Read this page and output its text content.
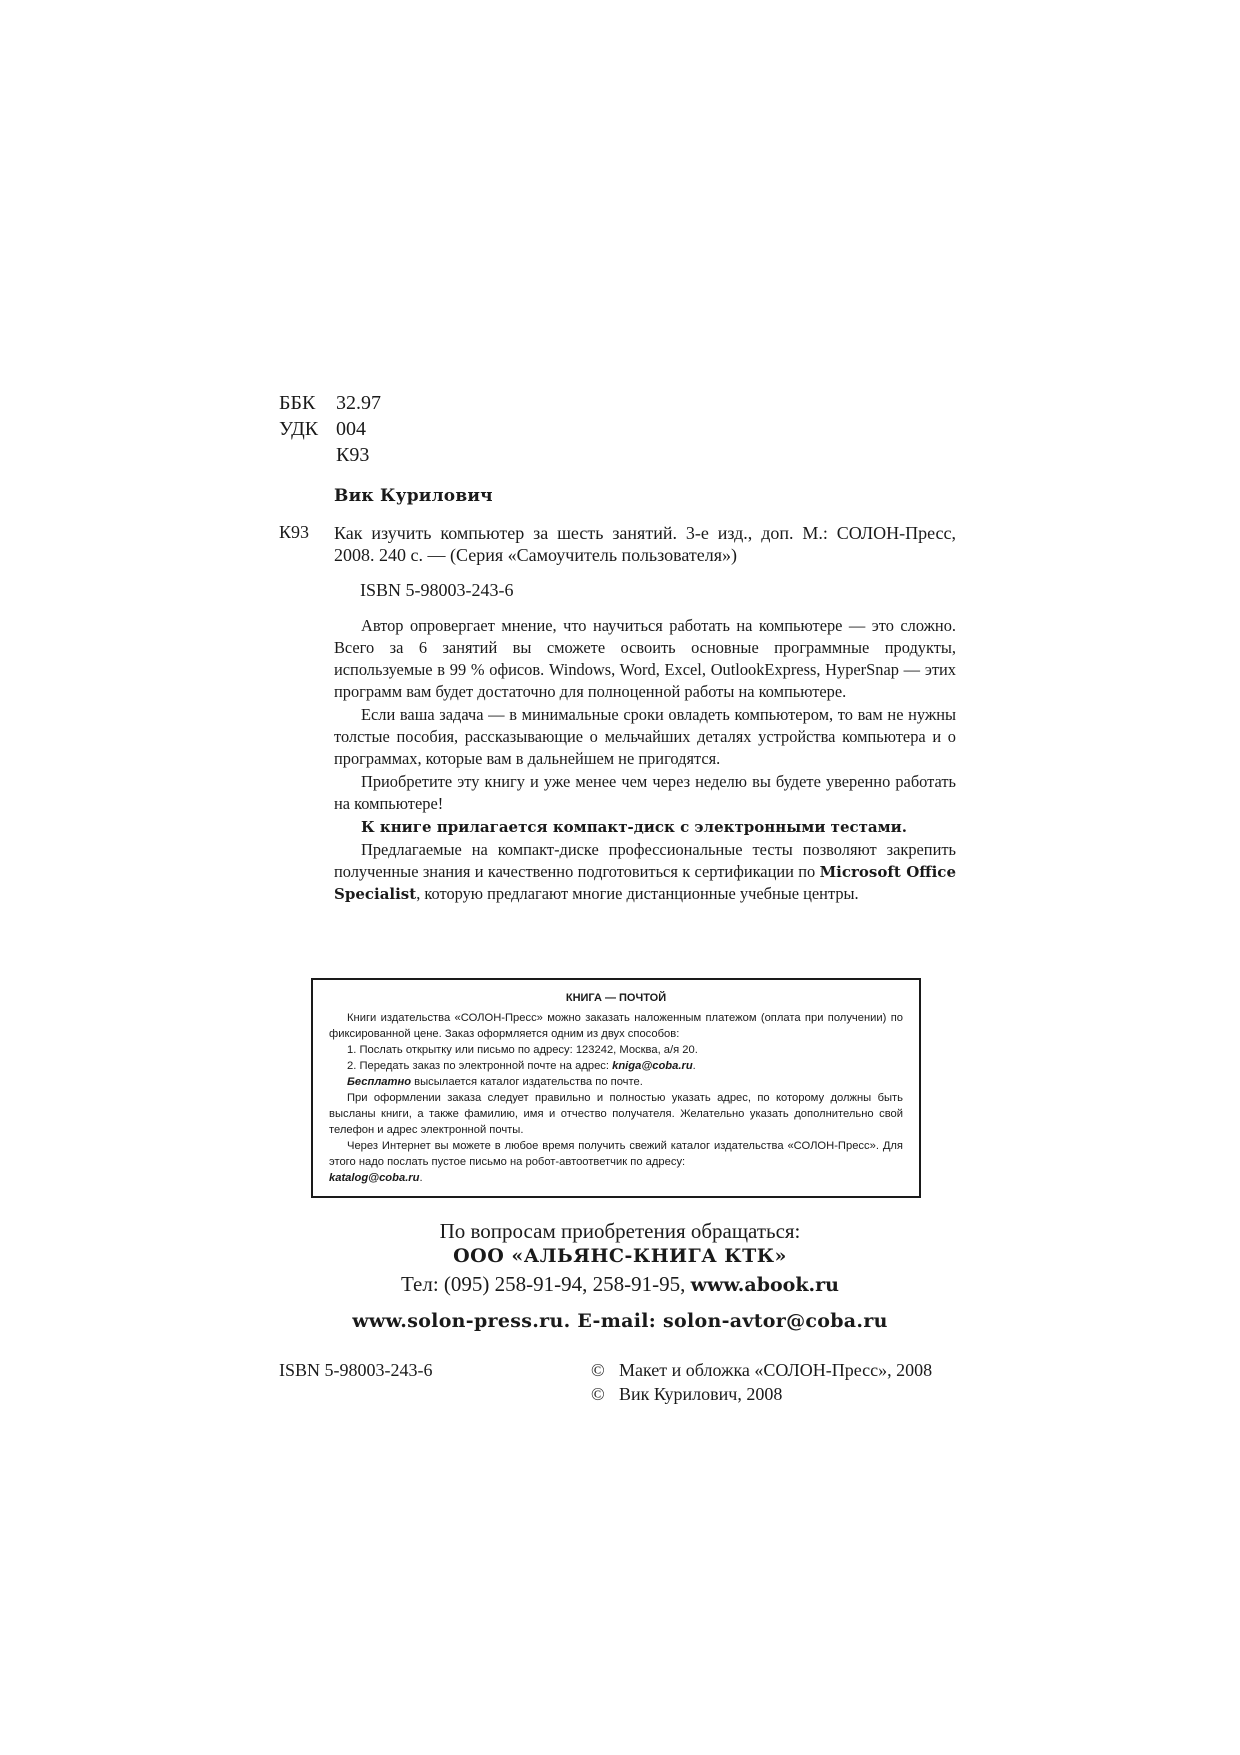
ББК	32.97
УДК 004
К93
Вик Курилович
К93 Как изучить компьютер за шесть занятий. 3-е изд., доп. М.: СОЛОН-Пресс, 2008. 240 с. — (Серия «Самоучитель пользователя»)
ISBN 5-98003-243-6

Автор опровергает мнение, что научиться работать на компьютере — это сложно. Всего за 6 занятий вы сможете освоить основные программные продукты, используемые в 99 % офисов. Windows, Word, Excel, OutlookExpress, HyperSnap — этих программ вам будет достаточно для полноценной работы на компьютере.

Если ваша задача — в минимальные сроки овладеть компьютером, то вам не нужны толстые пособия, рассказывающие о мельчайших деталях устройства компьютера и о программах, которые вам в дальнейшем не пригодятся.

Приобретите эту книгу и уже менее чем через неделю вы будете уверенно работать на компьютере!

К книге прилагается компакт-диск с электронными тестами.

Предлагаемые на компакт-диске профессиональные тесты позволяют закрепить полученные знания и качественно подготовиться к сертификации по Microsoft Office Specialist, которую предлагают многие дистанционные учебные центры.

КНИГА — ПОЧТОЙ

Книги издательства «СОЛОН-Пресс» можно заказать наложенным платежом (оплата при получении) по фиксированной цене. Заказ оформляется одним из двух способов:

1. Послать открытку или письмо по адресу: 123242, Москва, а/я 20.

2. Передать заказ по электронной почте на адрес: kniga@coba.ru.

Бесплатно высылается каталог издательства по почте.

При оформлении заказа следует правильно и полностью указать адрес, по которому должны быть высланы книги, а также фамилию, имя и отчество получателя. Желательно указать дополнительно свой телефон и адрес электронной почты.

Через Интернет вы можете в любое время получить свежий каталог издательства «СОЛОН-Пресс». Для этого надо послать пустое письмо на робот-автоответчик по адресу:

katalog@coba.ru.

По вопросам приобретения обращаться:
ООО «АЛЬЯНС-КНИГА КТК»
Тел: (095) 258-91-94, 258-91-95, www.abook.ru
www.solon-press.ru. E-mail: solon-avtor@coba.ru
ISBN 5-98003-243-6	© Макет и обложка «СОЛОН-Пресс», 2008
© Вик Курилович, 2008
